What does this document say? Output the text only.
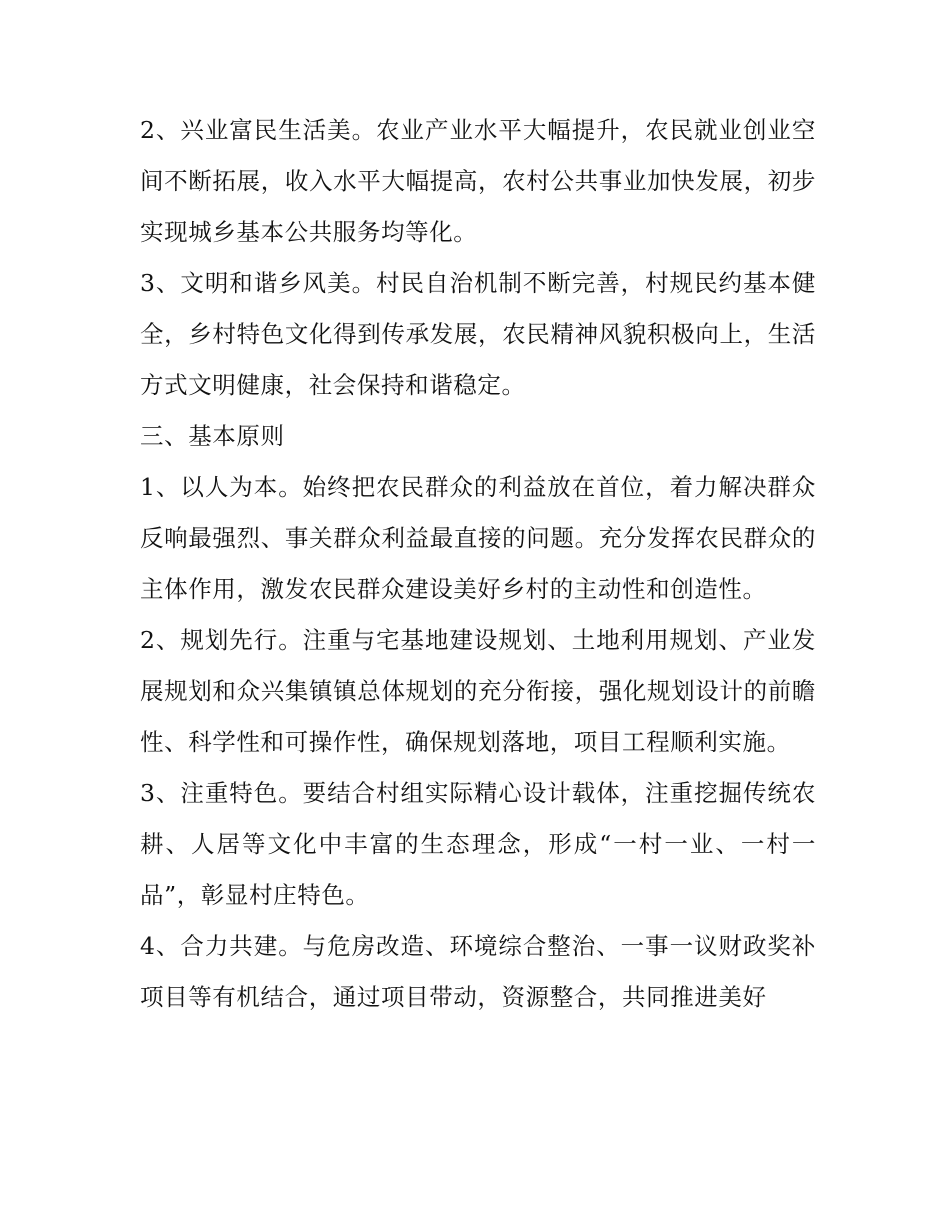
2、兴业富民生活美。农业产业水平大幅提升，农民就业创业空间不断拓展，收入水平大幅提高，农村公共事业加快发展，初步实现城乡基本公共服务均等化。

3、文明和谐乡风美。村民自治机制不断完善，村规民约基本健全，乡村特色文化得到传承发展，农民精神风貌积极向上，生活方式文明健康，社会保持和谐稳定。

三、基本原则

1、以人为本。始终把农民群众的利益放在首位，着力解决群众反响最强烈、事关群众利益最直接的问题。充分发挥农民群众的主体作用，激发农民群众建设美好乡村的主动性和创造性。

2、规划先行。注重与宅基地建设规划、土地利用规划、产业发展规划和众兴集镇镇总体规划的充分衔接，强化规划设计的前瞻性、科学性和可操作性，确保规划落地，项目工程顺利实施。

3、注重特色。要结合村组实际精心设计载体，注重挖掘传统农耕、人居等文化中丰富的生态理念，形成“一村一业、一村一品”，彰显村庄特色。

4、合力共建。与危房改造、环境综合整治、一事一议财政奖补项目等有机结合，通过项目带动，资源整合，共同推进美好
